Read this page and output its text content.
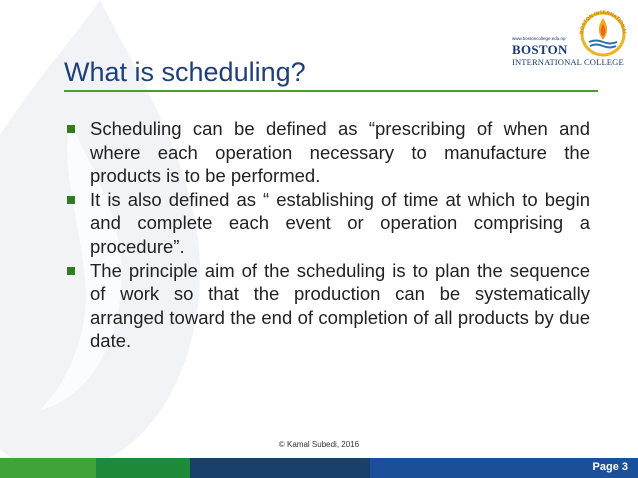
BOSTON INTERNATIONAL
www.bostoncollege.edu.np
BOSTON
INTERNATIONAL COLLEGE
What is scheduling?
Scheduling can be defined as “prescribing of when and where each operation necessary to manufacture the products is to be performed.
It is also defined as “ establishing of time at which to begin and complete each event or operation comprising a procedure”.
The principle aim of the scheduling is to plan the sequence of work so that the production can be systematically arranged toward the end of completion of all products by due date.
© Kamal Subedi, 2016
Page 3
